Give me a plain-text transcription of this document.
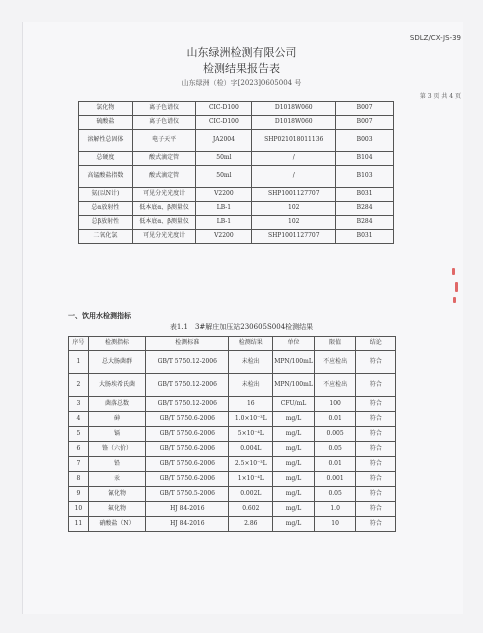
SDLZ/CX-JS-39
山东绿洲检测有限公司
检测结果报告表
山东绿洲（检）字[2023]0605004 号
第 3 页 共 4 页
氯化物	离子色谱仪	CIC-D100	D1018W060	B007
硫酸盐	离子色谱仪	CIC-D100	D1018W060	B007
溶解性总固体	电子天平	JA2004	SHP021018011136	B003
总硬度	酸式滴定管	50ml	/	B104
高锰酸盐指数	酸式滴定管	50ml	/	B103
氨(以N计)	可见分光光度计	V2200	SHP1001127707	B031
总α放射性	低本底α、β测量仪	LB-1	102	B284
总β放射性	低本底α、β测量仪	LB-1	102	B284
二氧化氯	可见分光光度计	V2200	SHP1001127707	B031
一、饮用水检测指标
表1.1　3#解庄加压站230605S004检测结果
序号	检测指标	检测标准	检测结果	单位	限值	结论
1	总大肠菌群	GB/T 5750.12-2006	未检出	MPN/100mL	不应检出	符合
2	大肠埃希氏菌	GB/T 5750.12-2006	未检出	MPN/100mL	不应检出	符合
3	菌落总数	GB/T 5750.12-2006	16	CFU/mL	100	符合
4	砷	GB/T 5750.6-2006	1.0×10⁻³L	mg/L	0.01	符合
5	镉	GB/T 5750.6-2006	5×10⁻⁴L	mg/L	0.005	符合
6	铬（六价）	GB/T 5750.6-2006	0.004L	mg/L	0.05	符合
7	铅	GB/T 5750.6-2006	2.5×10⁻³L	mg/L	0.01	符合
8	汞	GB/T 5750.6-2006	1×10⁻⁴L	mg/L	0.001	符合
9	氰化物	GB/T 5750.5-2006	0.002L	mg/L	0.05	符合
10	氟化物	HJ 84-2016	0.602	mg/L	1.0	符合
11	硝酸盐（N）	HJ 84-2016	2.86	mg/L	10	符合
